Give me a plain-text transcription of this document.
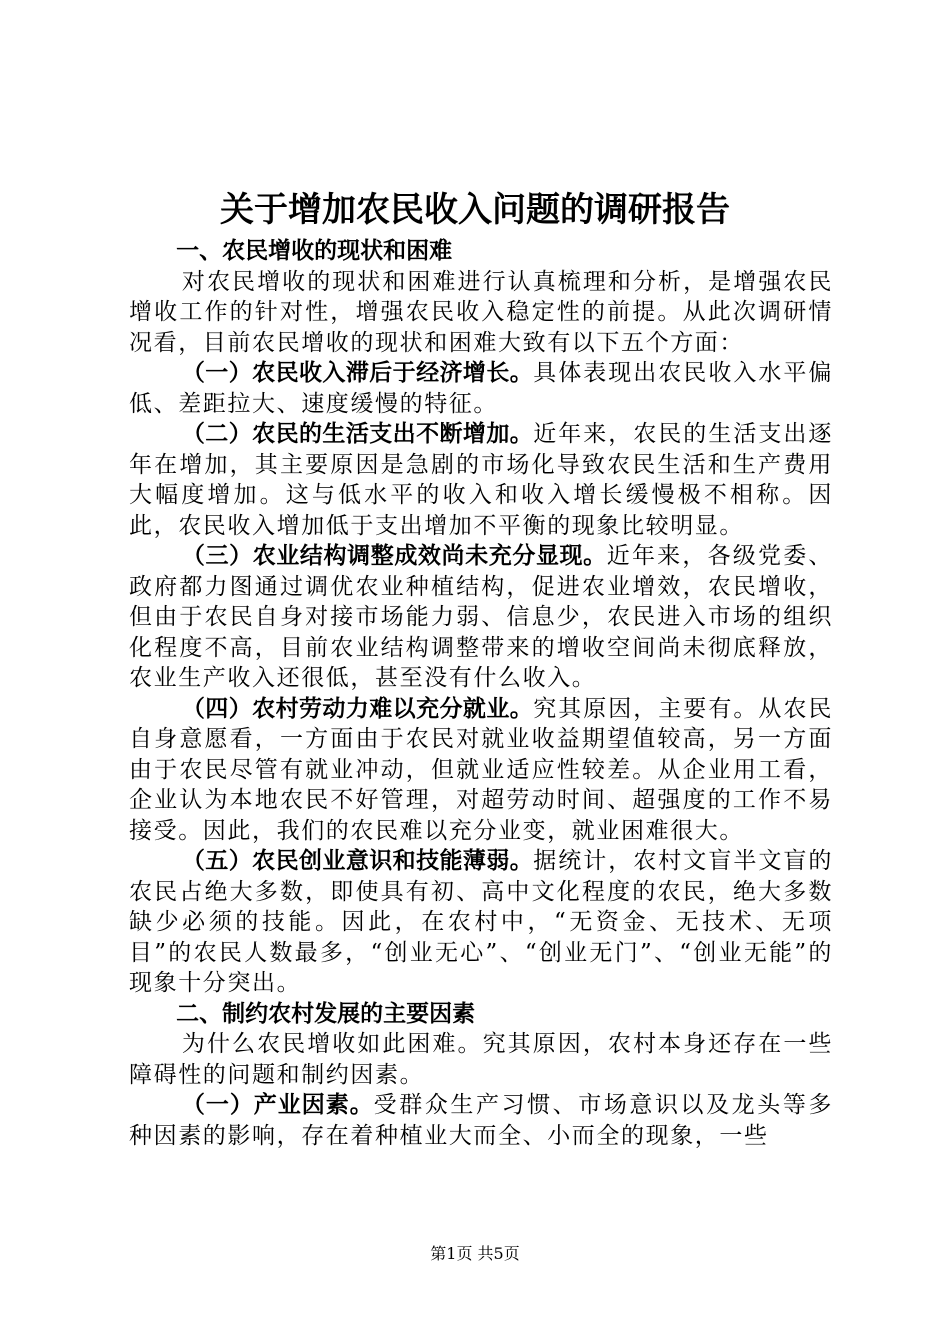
关于增加农民收入问题的调研报告

一、农民增收的现状和困难

对农民增收的现状和困难进行认真梳理和分析，是增强农民增收工作的针对性，增强农民收入稳定性的前提。从此次调研情况看，目前农民增收的现状和困难大致有以下五个方面：

（一）农民收入滞后于经济增长。具体表现出农民收入水平偏低、差距拉大、速度缓慢的特征。

（二）农民的生活支出不断增加。近年来，农民的生活支出逐年在增加，其主要原因是急剧的市场化导致农民生活和生产费用大幅度增加。这与低水平的收入和收入增长缓慢极不相称。因此，农民收入增加低于支出增加不平衡的现象比较明显。

（三）农业结构调整成效尚未充分显现。近年来，各级党委、政府都力图通过调优农业种植结构，促进农业增效，农民增收，但由于农民自身对接市场能力弱、信息少，农民进入市场的组织化程度不高，目前农业结构调整带来的增收空间尚未彻底释放，农业生产收入还很低，甚至没有什么收入。

（四）农村劳动力难以充分就业。究其原因，主要有。从农民自身意愿看，一方面由于农民对就业收益期望值较高，另一方面由于农民尽管有就业冲动，但就业适应性较差。从企业用工看，企业认为本地农民不好管理，对超劳动时间、超强度的工作不易接受。因此，我们的农民难以充分业变，就业困难很大。

（五）农民创业意识和技能薄弱。据统计，农村文盲半文盲的农民占绝大多数，即使具有初、高中文化程度的农民，绝大多数缺少必须的技能。因此，在农村中，“无资金、无技术、无项目”的农民人数最多，“创业无心”、“创业无门”、“创业无能”的现象十分突出。

二、制约农村发展的主要因素

为什么农民增收如此困难。究其原因，农村本身还存在一些障碍性的问题和制约因素。

（一）产业因素。受群众生产习惯、市场意识以及龙头等多种因素的影响，存在着种植业大而全、小而全的现象，一些

第1页 共5页
